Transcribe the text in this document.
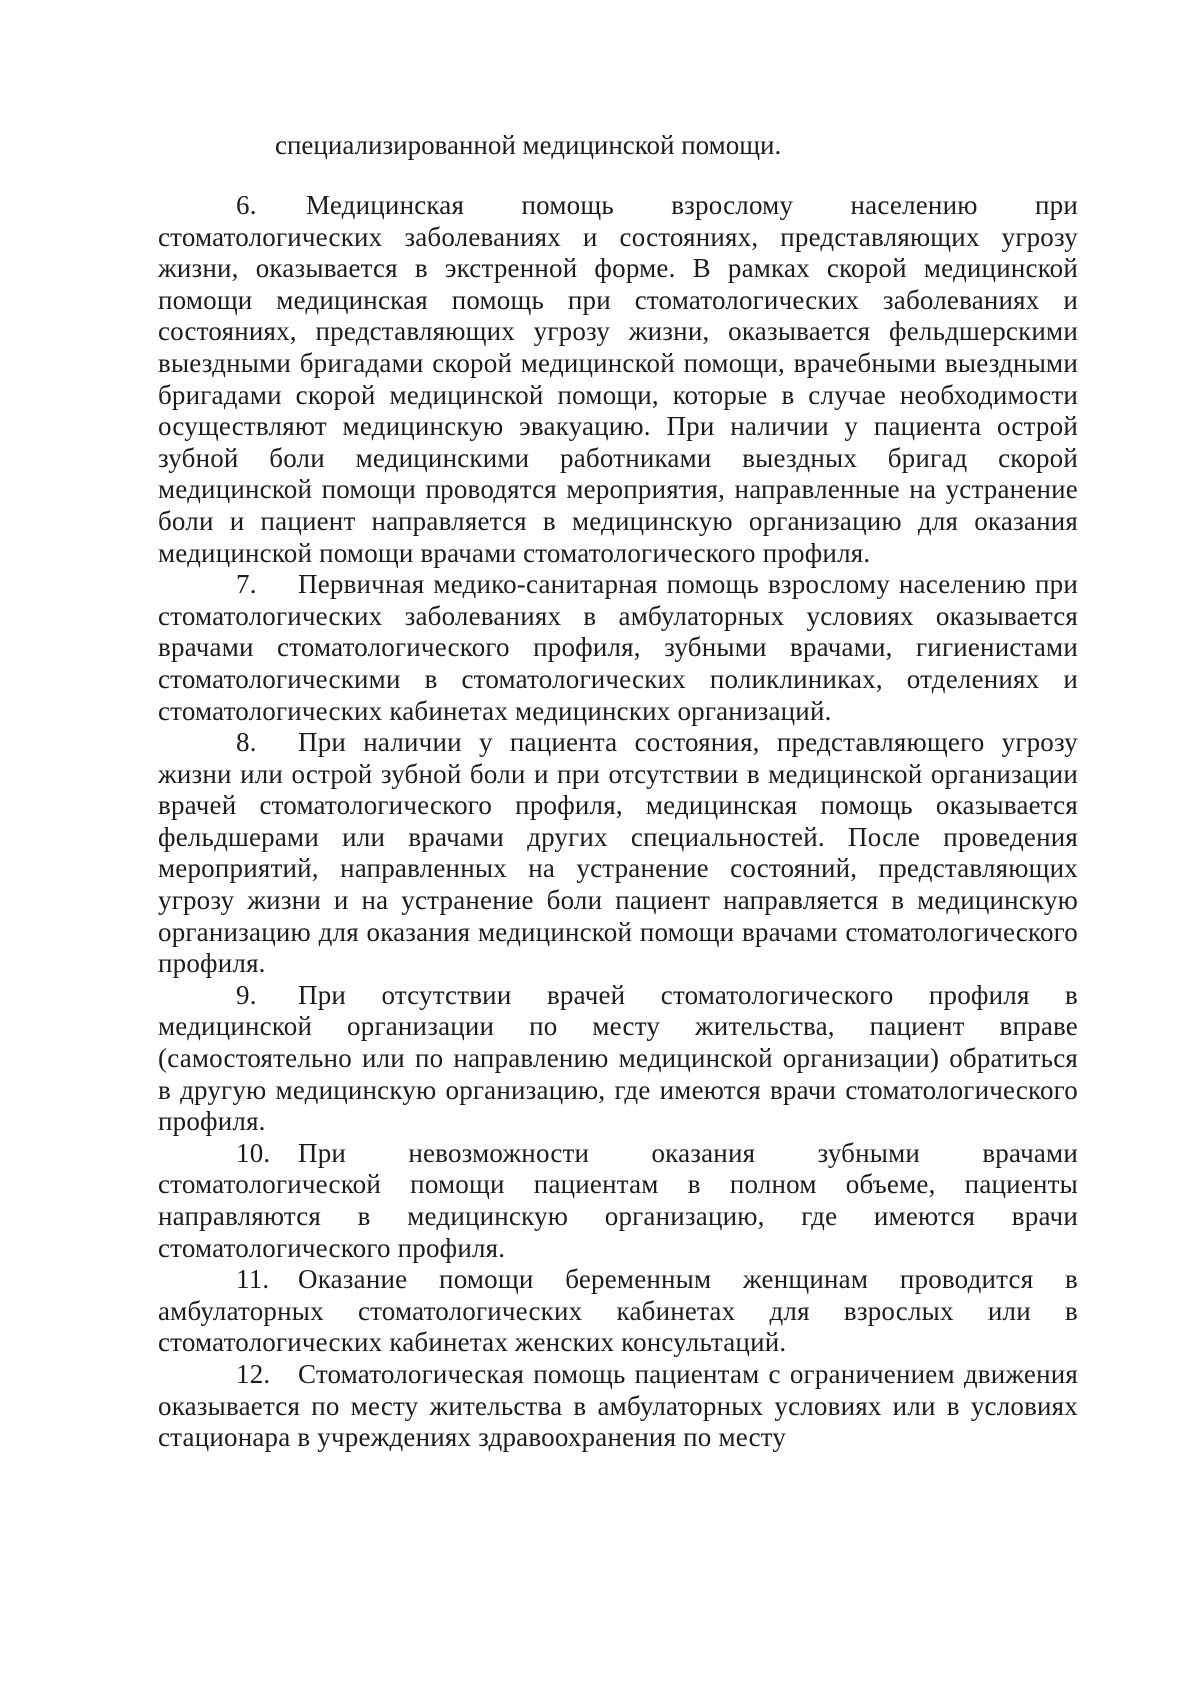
специализированной медицинской помощи.

6. Медицинская помощь взрослому населению при стоматологических заболеваниях и состояниях, представляющих угрозу жизни, оказывается в экстренной форме. В рамках скорой медицинской помощи медицинская помощь при стоматологических заболеваниях и состояниях, представляющих угрозу жизни, оказывается фельдшерскими выездными бригадами скорой медицинской помощи, врачебными выездными бригадами скорой медицинской помощи, которые в случае необходимости осуществляют медицинскую эвакуацию. При наличии у пациента острой зубной боли медицинскими работниками выездных бригад скорой медицинской помощи проводятся мероприятия, направленные на устранение боли и пациент направляется в медицинскую организацию для оказания медицинской помощи врачами стоматологического профиля.

7. Первичная медико-санитарная помощь взрослому населению при стоматологических заболеваниях в амбулаторных условиях оказывается врачами стоматологического профиля, зубными врачами, гигиенистами стоматологическими в стоматологических поликлиниках, отделениях и стоматологических кабинетах медицинских организаций.

8. При наличии у пациента состояния, представляющего угрозу жизни или острой зубной боли и при отсутствии в медицинской организации врачей стоматологического профиля, медицинская помощь оказывается фельдшерами или врачами других специальностей. После проведения мероприятий, направленных на устранение состояний, представляющих угрозу жизни и на устранение боли пациент направляется в медицинскую организацию для оказания медицинской помощи врачами стоматологического профиля.

9. При отсутствии врачей стоматологического профиля в медицинской организации по месту жительства, пациент вправе (самостоятельно или по направлению медицинской организации) обратиться в другую медицинскую организацию, где имеются врачи стоматологического профиля.

10. При невозможности оказания зубными врачами стоматологической помощи пациентам в полном объеме, пациенты направляются в медицинскую организацию, где имеются врачи стоматологического профиля.

11. Оказание помощи беременным женщинам проводится в амбулаторных стоматологических кабинетах для взрослых или в стоматологических кабинетах женских консультаций.

12. Стоматологическая помощь пациентам с ограничением движения оказывается по месту жительства в амбулаторных условиях или в условиях стационара в учреждениях здравоохранения по месту
